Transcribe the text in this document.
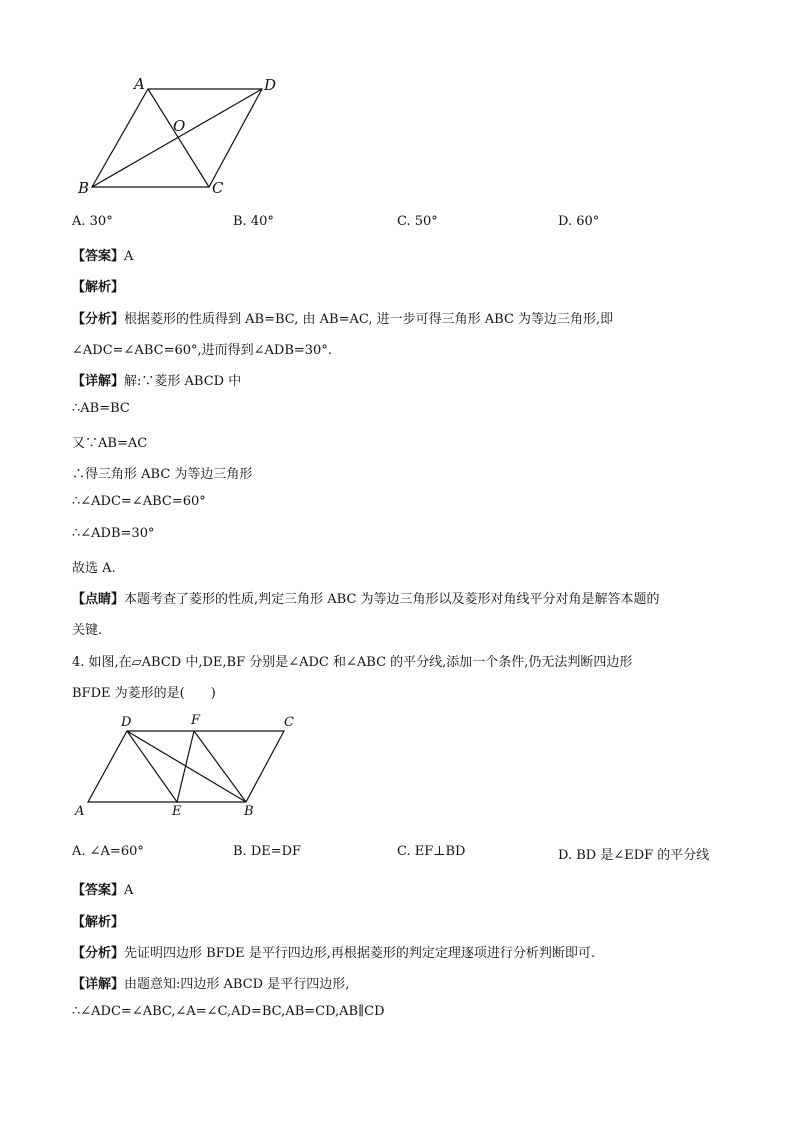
A	D
O
B	C
A. 30°	B. 40°	C. 50°	D. 60°
【答案】A
【解析】
【分析】根据菱形的性质得到 AB=BC, 由 AB=AC, 进一步可得三角形 ABC 为等边三角形,即
∠ADC=∠ABC=60°,进而得到∠ADB=30°.
【详解】解:∵菱形 ABCD 中
∴AB=BC
又∵AB=AC
∴得三角形 ABC 为等边三角形
∴∠ADC=∠ABC=60°
∴∠ADB=30°
故选 A.
【点睛】本题考查了菱形的性质,判定三角形 ABC 为等边三角形以及菱形对角线平分对角是解答本题的
关键.
4. 如图,在▱ABCD 中,DE,BF 分别是∠ADC 和∠ABC 的平分线,添加一个条件,仍无法判断四边形
BFDE 为菱形的是(　　)
D	F	C
A	E	B
A. ∠A=60°	B. DE=DF	C. EF⊥BD	D. BD 是∠EDF 的平分线
【答案】A
【解析】
【分析】先证明四边形 BFDE 是平行四边形,再根据菱形的判定定理逐项进行分析判断即可.
【详解】由题意知:四边形 ABCD 是平行四边形,
∴∠ADC=∠ABC,∠A=∠C,AD=BC,AB=CD,AB∥CD
